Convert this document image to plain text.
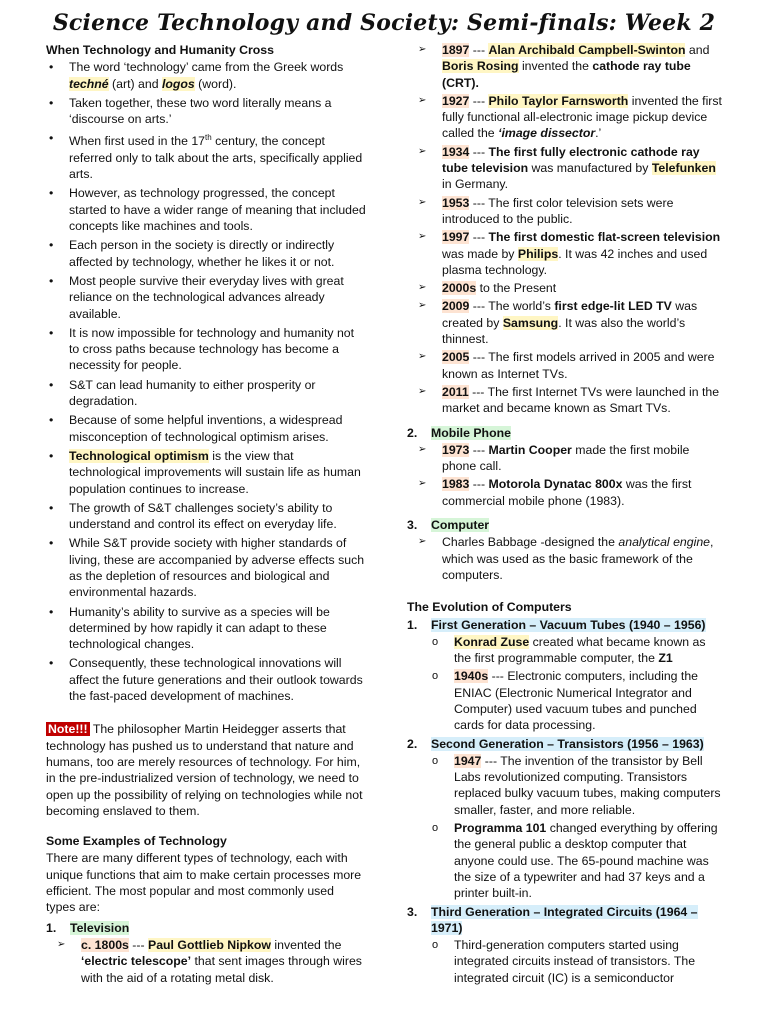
Science Technology and Society: Semi-finals: Week 2
When Technology and Humanity Cross
• The word ‘technology’ came from the Greek words techné (art) and logos (word).
• Taken together, these two word literally means a ‘discourse on arts.’
• When first used in the 17th century, the concept referred only to talk about the arts, specifically applied arts.
• However, as technology progressed, the concept started to have a wider range of meaning that included concepts like machines and tools.
• Each person in the society is directly or indirectly affected by technology, whether he likes it or not.
• Most people survive their everyday lives with great reliance on the technological advances already available.
• It is now impossible for technology and humanity not to cross paths because technology has become a necessity for people.
• S&T can lead humanity to either prosperity or degradation.
• Because of some helpful inventions, a widespread misconception of technological optimism arises.
• Technological optimism is the view that technological improvements will sustain life as human population continues to increase.
• The growth of S&T challenges society’s ability to understand and control its effect on everyday life.
• While S&T provide society with higher standards of living, these are accompanied by adverse effects such as the depletion of resources and biological and environmental hazards.
• Humanity’s ability to survive as a species will be determined by how rapidly it can adapt to these technological changes.
• Consequently, these technological innovations will affect the future generations and their outlook towards the fast-paced development of machines.

Note!!! The philosopher Martin Heidegger asserts that technology has pushed us to understand that nature and humans, too are merely resources of technology. For him, in the pre-industrialized version of technology, we need to open up the possibility of relying on technologies while not becoming enslaved to them.

Some Examples of Technology

There are many different types of technology, each with unique functions that aim to make certain processes more efficient. The most popular and most commonly used types are:

1. Television
➢ c. 1800s --- Paul Gottlieb Nipkow invented the ‘electric telescope’ that sent images through wires with the aid of a rotating metal disk.
➢ 1897 --- Alan Archibald Campbell-Swinton and Boris Rosing invented the cathode ray tube (CRT).
➢ 1927 --- Philo Taylor Farnsworth invented the first fully functional all-electronic image pickup device called the ‘image dissector.’
➢ 1934 --- The first fully electronic cathode ray tube television was manufactured by Telefunken in Germany.
➢ 1953 --- The first color television sets were introduced to the public.
➢ 1997 --- The first domestic flat-screen television was made by Philips. It was 42 inches and used plasma technology.
➢ 2000s to the Present
➢ 2009 --- The world’s first edge-lit LED TV was created by Samsung. It was also the world’s thinnest.
➢ 2005 --- The first models arrived in 2005 and were known as Internet TVs.
➢ 2011 --- The first Internet TVs were launched in the market and became known as Smart TVs.
2. Mobile Phone
➢ 1973 --- Martin Cooper made the first mobile phone call.
➢ 1983 --- Motorola Dynatac 800x was the first commercial mobile phone (1983).
3. Computer
➢ Charles Babbage -designed the analytical engine, which was used as the basic framework of the computers.
The Evolution of Computers
1. First Generation – Vacuum Tubes (1940 – 1956)
o Konrad Zuse created what became known as the first programmable computer, the Z1
o 1940s --- Electronic computers, including the ENIAC (Electronic Numerical Integrator and Computer) used vacuum tubes and punched cards for data processing.
2. Second Generation – Transistors (1956 – 1963)
o 1947 --- The invention of the transistor by Bell Labs revolutionized computing. Transistors replaced bulky vacuum tubes, making computers smaller, faster, and more reliable.
o Programma 101 changed everything by offering the general public a desktop computer that anyone could use. The 65-pound machine was the size of a typewriter and had 37 keys and a printer built-in.
3. Third Generation – Integrated Circuits (1964 – 1971)
o Third-generation computers started using integrated circuits instead of transistors. The integrated circuit (IC) is a semiconductor
